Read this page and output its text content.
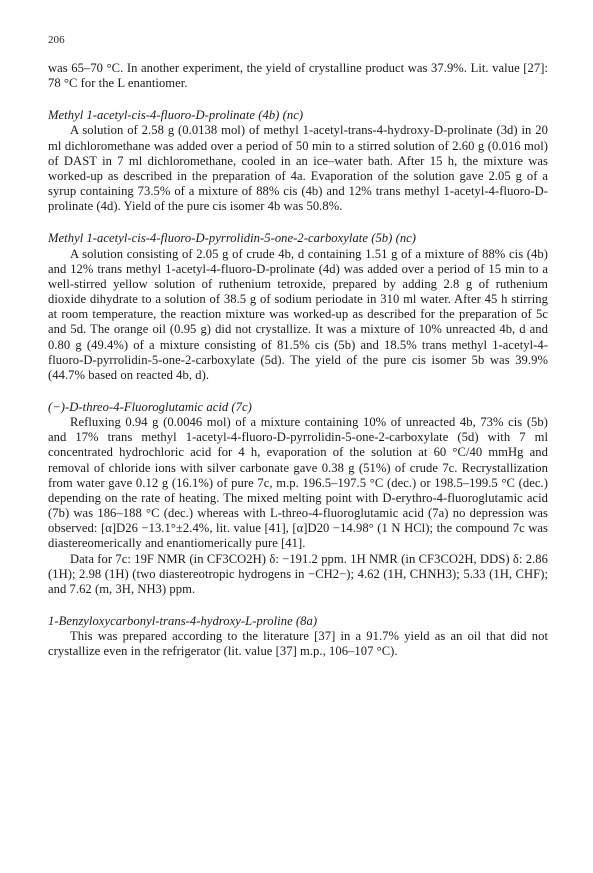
206

was 65–70 °C. In another experiment, the yield of crystalline product was 37.9%. Lit. value [27]: 78 °C for the L enantiomer.

Methyl 1-acetyl-cis-4-fluoro-D-prolinate (4b) (nc)

A solution of 2.58 g (0.0138 mol) of methyl 1-acetyl-trans-4-hydroxy-D-prolinate (3d) in 20 ml dichloromethane was added over a period of 50 min to a stirred solution of 2.60 g (0.016 mol) of DAST in 7 ml dichloromethane, cooled in an ice–water bath. After 15 h, the mixture was worked-up as described in the preparation of 4a. Evaporation of the solution gave 2.05 g of a syrup containing 73.5% of a mixture of 88% cis (4b) and 12% trans methyl 1-acetyl-4-fluoro-D-prolinate (4d). Yield of the pure cis isomer 4b was 50.8%.

Methyl 1-acetyl-cis-4-fluoro-D-pyrrolidin-5-one-2-carboxylate (5b) (nc)

A solution consisting of 2.05 g of crude 4b, d containing 1.51 g of a mixture of 88% cis (4b) and 12% trans methyl 1-acetyl-4-fluoro-D-prolinate (4d) was added over a period of 15 min to a well-stirred yellow solution of ruthenium tetroxide, prepared by adding 2.8 g of ruthenium dioxide dihydrate to a solution of 38.5 g of sodium periodate in 310 ml water. After 45 h stirring at room temperature, the reaction mixture was worked-up as described for the preparation of 5c and 5d. The orange oil (0.95 g) did not crystallize. It was a mixture of 10% unreacted 4b, d and 0.80 g (49.4%) of a mixture consisting of 81.5% cis (5b) and 18.5% trans methyl 1-acetyl-4-fluoro-D-pyrrolidin-5-one-2-carboxylate (5d). The yield of the pure cis isomer 5b was 39.9% (44.7% based on reacted 4b, d).

(−)-D-threo-4-Fluoroglutamic acid (7c)

Refluxing 0.94 g (0.0046 mol) of a mixture containing 10% of unreacted 4b, 73% cis (5b) and 17% trans methyl 1-acetyl-4-fluoro-D-pyrrolidin-5-one-2-carboxylate (5d) with 7 ml concentrated hydrochloric acid for 4 h, evaporation of the solution at 60 °C/40 mmHg and removal of chloride ions with silver carbonate gave 0.38 g (51%) of crude 7c. Recrystallization from water gave 0.12 g (16.1%) of pure 7c, m.p. 196.5–197.5 °C (dec.) or 198.5–199.5 °C (dec.) depending on the rate of heating. The mixed melting point with D-erythro-4-fluoroglutamic acid (7b) was 186–188 °C (dec.) whereas with L-threo-4-fluoroglutamic acid (7a) no depression was observed: [α]D26 −13.1°±2.4%, lit. value [41], [α]D20 −14.98° (1 N HCl); the compound 7c was diastereomerically and enantiomerically pure [41].

Data for 7c: 19F NMR (in CF3CO2H) δ: −191.2 ppm. 1H NMR (in CF3CO2H, DDS) δ: 2.86 (1H); 2.98 (1H) (two diastereotropic hydrogens in −CH2−); 4.62 (1H, CHNH3); 5.33 (1H, CHF); and 7.62 (m, 3H, NH3) ppm.

1-Benzyloxycarbonyl-trans-4-hydroxy-L-proline (8a)

This was prepared according to the literature [37] in a 91.7% yield as an oil that did not crystallize even in the refrigerator (lit. value [37] m.p., 106–107 °C).
